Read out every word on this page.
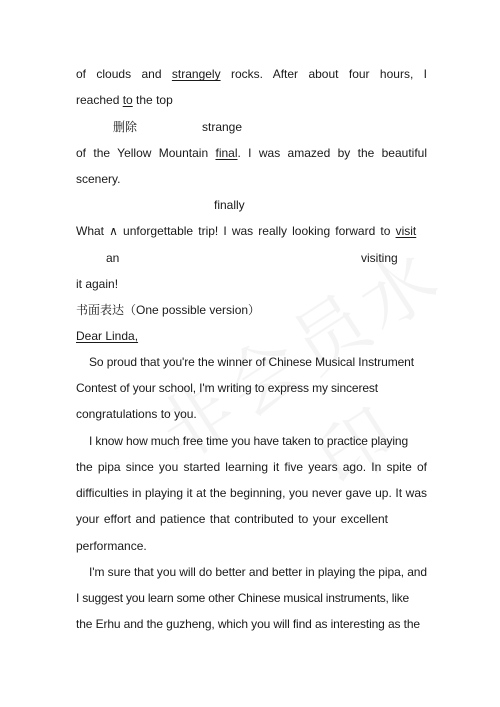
of clouds and strangely rocks. After about four hours, I
reached to the top
删除	strange
of the Yellow Mountain final. I was amazed by the beautiful
scenery.
finally
What ∧ unforgettable trip! I was really looking forward to visit
an	visiting
it again!
书面表达（One possible version）
Dear Linda,
So proud that you're the winner of Chinese Musical Instrument
Contest of your school, I'm writing to express my sincerest
congratulations to you.
I know how much free time you have taken to practice playing
the pipa since you started learning it five years ago. In spite of
difficulties in playing it at the beginning, you never gave up. It was
your effort and patience that contributed to your excellent
performance.
I'm sure that you will do better and better in playing the pipa, and
I suggest you learn some other Chinese musical instruments, like
the Erhu and the guzheng, which you will find as interesting as the
